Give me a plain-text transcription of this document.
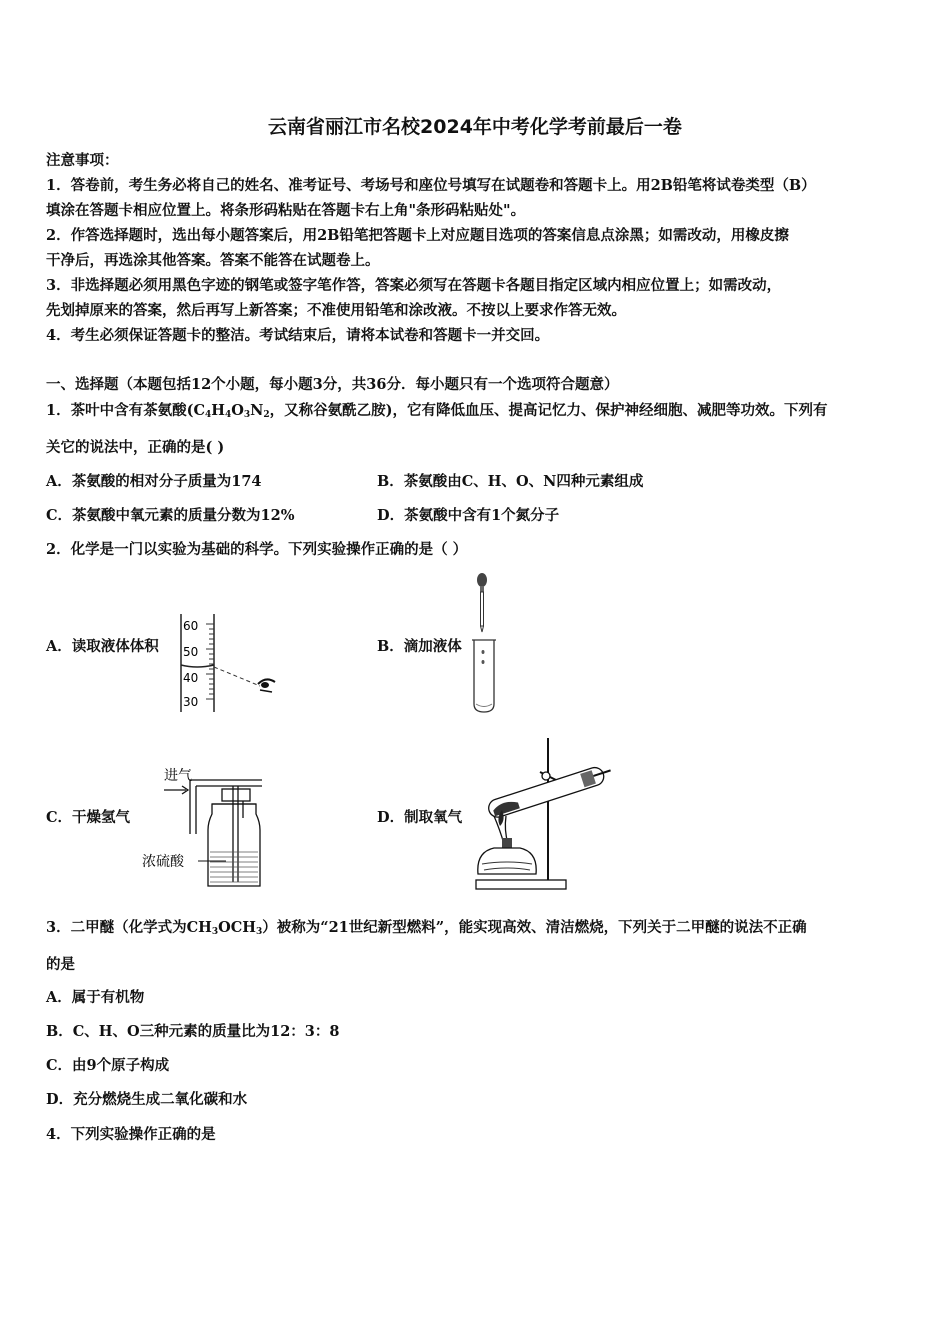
云南省丽江市名校2024年中考化学考前最后一卷
注意事项：
1．答卷前，考生务必将自己的姓名、准考证号、考场号和座位号填写在试题卷和答题卡上。用2B铅笔将试卷类型（B）
填涂在答题卡相应位置上。将条形码粘贴在答题卡右上角"条形码粘贴处"。
2．作答选择题时，选出每小题答案后，用2B铅笔把答题卡上对应题目选项的答案信息点涂黑；如需改动，用橡皮擦
干净后，再选涂其他答案。答案不能答在试题卷上。
3．非选择题必须用黑色字迹的钢笔或签字笔作答，答案必须写在答题卡各题目指定区域内相应位置上；如需改动，
先划掉原来的答案，然后再写上新答案；不准使用铅笔和涂改液。不按以上要求作答无效。
4．考生必须保证答题卡的整洁。考试结束后，请将本试卷和答题卡一并交回。
一、选择题（本题包括12个小题，每小题3分，共36分．每小题只有一个选项符合题意）
1．茶叶中含有茶氨酸($C_4H_4O_3N_2$，又称谷氨酰乙胺)，它有降低血压、提高记忆力、保护神经细胞、减肥等功效。下列有
关它的说法中，正确的是( )
A．茶氨酸的相对分子质量为174	B．茶氨酸由C、H、O、N四种元素组成
C．茶氨酸中氧元素的质量分数为12%	D．茶氨酸中含有1个氮分子
2．化学是一门以实验为基础的科学。下列实验操作正确的是（ ）
A．读取液体体积	B．滴加液体
C．干燥氢气	D．制取氧气
60
50
40
30
进气
浓硫酸
3．二甲醚（化学式为$CH_3OCH_3$）被称为“21世纪新型燃料”，能实现高效、清洁燃烧，下列关于二甲醚的说法不正确
的是
A．属于有机物
B．C、H、O三种元素的质量比为12：3：8
C．由9个原子构成
D．充分燃烧生成二氧化碳和水
4．下列实验操作正确的是
